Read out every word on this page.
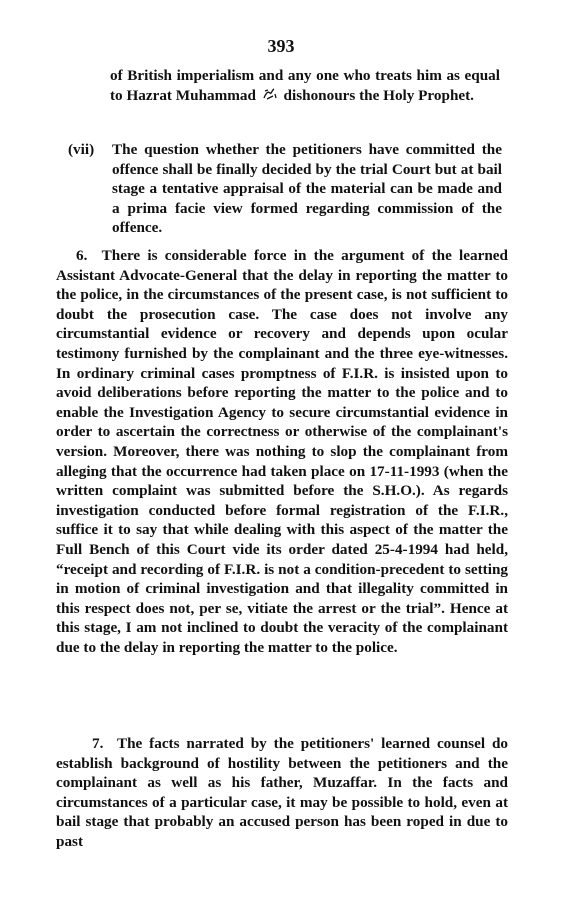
393

of British imperialism and any one who treats him as equal to Hazrat Muhammad dishonours the Holy Prophet.

(vii) The question whether the petitioners have committed the offence shall be finally decided by the trial Court but at bail stage a tentative appraisal of the material can be made and a prima facie view formed regarding commission of the offence.

6. There is considerable force in the argument of the learned Assistant Advocate-General that the delay in reporting the matter to the police, in the circumstances of the present case, is not sufficient to doubt the prosecution case. The case does not involve any circumstantial evidence or recovery and depends upon ocular testimony furnished by the complainant and the three eye-witnesses. In ordinary criminal cases promptness of F.I.R. is insisted upon to avoid deliberations before reporting the matter to the police and to enable the Investigation Agency to secure circumstantial evidence in order to ascertain the correctness or otherwise of the complainant's version. Moreover, there was nothing to slop the complainant from alleging that the occurrence had taken place on 17-11-1993 (when the written complaint was submitted before the S.H.O.). As regards investigation conducted before formal registration of the F.I.R., suffice it to say that while dealing with this aspect of the matter the Full Bench of this Court vide its order dated 25-4-1994 had held, “receipt and recording of F.I.R. is not a condition-precedent to setting in motion of criminal investigation and that illegality committed in this respect does not, per se, vitiate the arrest or the trial”. Hence at this stage, I am not inclined to doubt the veracity of the complainant due to the delay in reporting the matter to the police.

7. The facts narrated by the petitioners' learned counsel do establish background of hostility between the petitioners and the complainant as well as his father, Muzaffar. In the facts and circumstances of a particular case, it may be possible to hold, even at bail stage that probably an accused person has been roped in due to past
